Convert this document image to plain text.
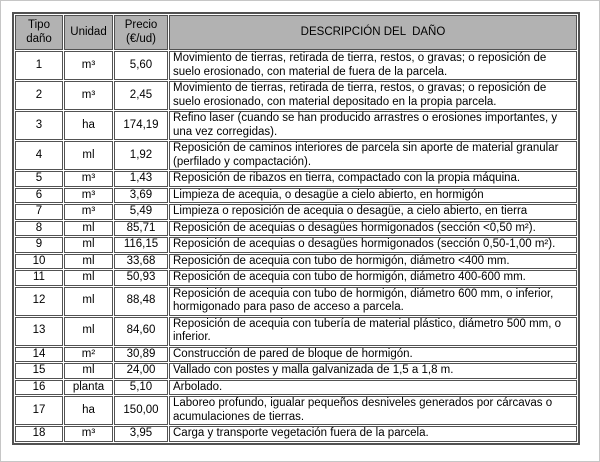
Tipo daño	Unidad	Precio (€/ud)	DESCRIPCIÓN DEL  DAÑO
1	m³	5,60	Movimiento de tierras, retirada de tierra, restos, o gravas; o reposición de suelo erosionado, con material de fuera de la parcela.
2	m³	2,45	Movimiento de tierras, retirada de tierra, restos, o gravas; o reposición de suelo erosionado, con material depositado en la propia parcela.
3	ha	174,19	Refino laser (cuando se han producido arrastres o erosiones importantes, y una vez corregidas).
4	ml	1,92	Reposición de caminos interiores de parcela sin aporte de material granular (perfilado y compactación).
5	m³	1,43	Reposición de ribazos en tierra, compactado con la propia máquina.
6	m³	3,69	Limpieza de acequia, o desagüe a cielo abierto, en hormigón
7	m³	5,49	Limpieza o reposición de acequia o desagüe, a cielo abierto, en tierra
8	ml	85,71	Reposición de acequias o desagües hormigonados (sección <0,50 m²).
9	ml	116,15	Reposición de acequias o desagües hormigonados (sección 0,50-1,00 m²).
10	ml	33,68	Reposición de acequia con tubo de hormigón, diámetro <400 mm.
11	ml	50,93	Reposición de acequia con tubo de hormigón, diámetro 400-600 mm.
12	ml	88,48	Reposición de acequia con tubo de hormigón, diámetro 600 mm, o inferior, hormigonado para paso de acceso a parcela.
13	ml	84,60	Reposición de acequia con tubería de material plástico, diámetro 500 mm, o inferior.
14	m²	30,89	Construcción de pared de bloque de hormigón.
15	ml	24,00	Vallado con postes y malla galvanizada de 1,5 a 1,8 m.
16	planta	5,10	Arbolado.
17	ha	150,00	Laboreo profundo, igualar pequeños desniveles generados por cárcavas o acumulaciones de tierras.
18	m³	3,95	Carga y transporte vegetación fuera de la parcela.
